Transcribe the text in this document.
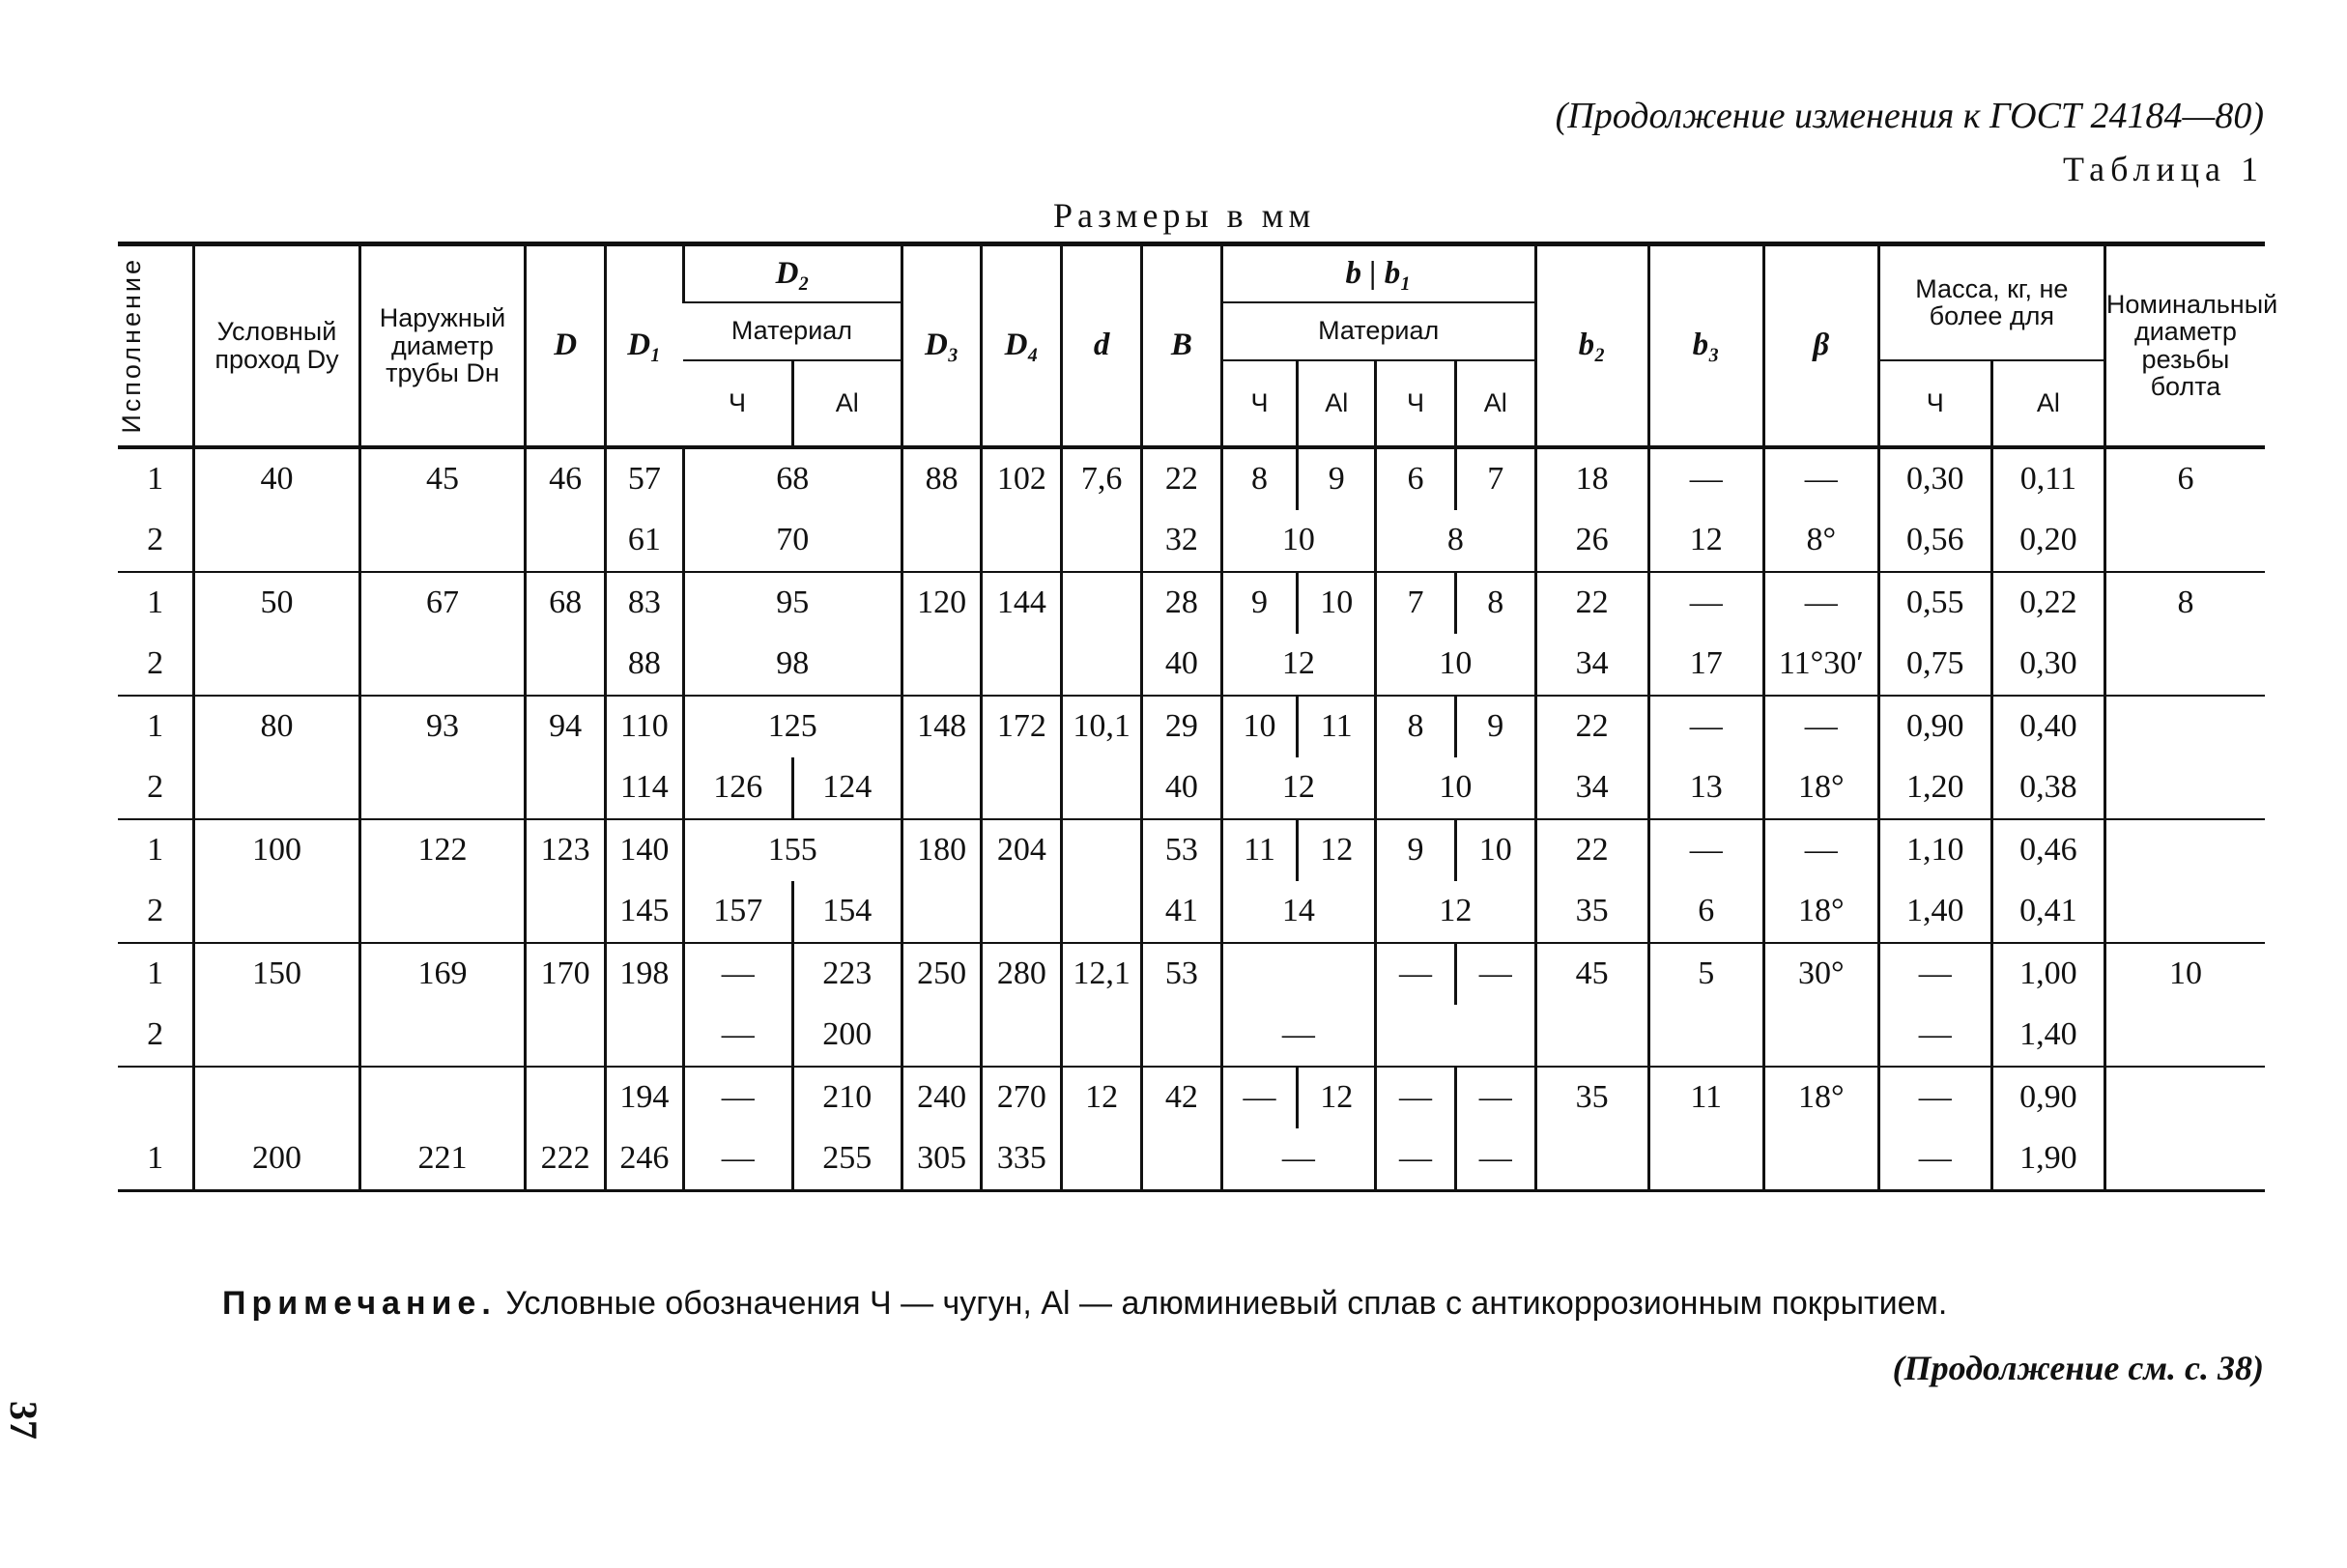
(Продолжение изменения к ГОСТ 24184—80)
Таблица 1
Размеры в мм
Исполнение	Условный проход Dу	Наружный диаметр трубы Dн	D	D₁	D₂		D₃	D₄	d	B	b | b₁				b₂	b₃	β	Масса, кг, не более для		Номинальный диаметр резьбы болта
					Материал						Материал									
					Ч	Al					Ч	Al	Ч	Al				Ч	Al	
1	40	45	46	57	68		88	102	7,6	22	8	9	6	7	18	—	—	0,30	0,11	6
2				61	70					32	10		8		26	12	8°	0,56	0,20	
1	50	67	68	83	95		120	144		28	9	10	7	8	22	—	—	0,55	0,22	8
2				88	98					40	12		10		34	17	11°30′	0,75	0,30	
1	80	93	94	110	125		148	172	10,1	29	10	11	8	9	22	—	—	0,90	0,40	
2				114	126	124				40	12		10		34	13	18°	1,20	0,38	
1	100	122	123	140	155		180	204		53	11	12	9	10	22	—	—	1,10	0,46	
2				145	157	154				41	14		12		35	6	18°	1,40	0,41	
1	150	169	170	198	—	223	250	280	12,1	53			—	—	45	5	30°	—	1,00	10
2					—	200					—							—	1,40	
				194	—	210	240	270	12	42	—	12	—	—	35	11	18°	—	0,90	
1	200	221	222	246	—	255	305	335			—		—	—				—	1,90	
Примечание. Условные обозначения Ч — чугун, Al — алюминиевый сплав с антикоррозионным покрытием.
(Продолжение см. с. 38)
37
